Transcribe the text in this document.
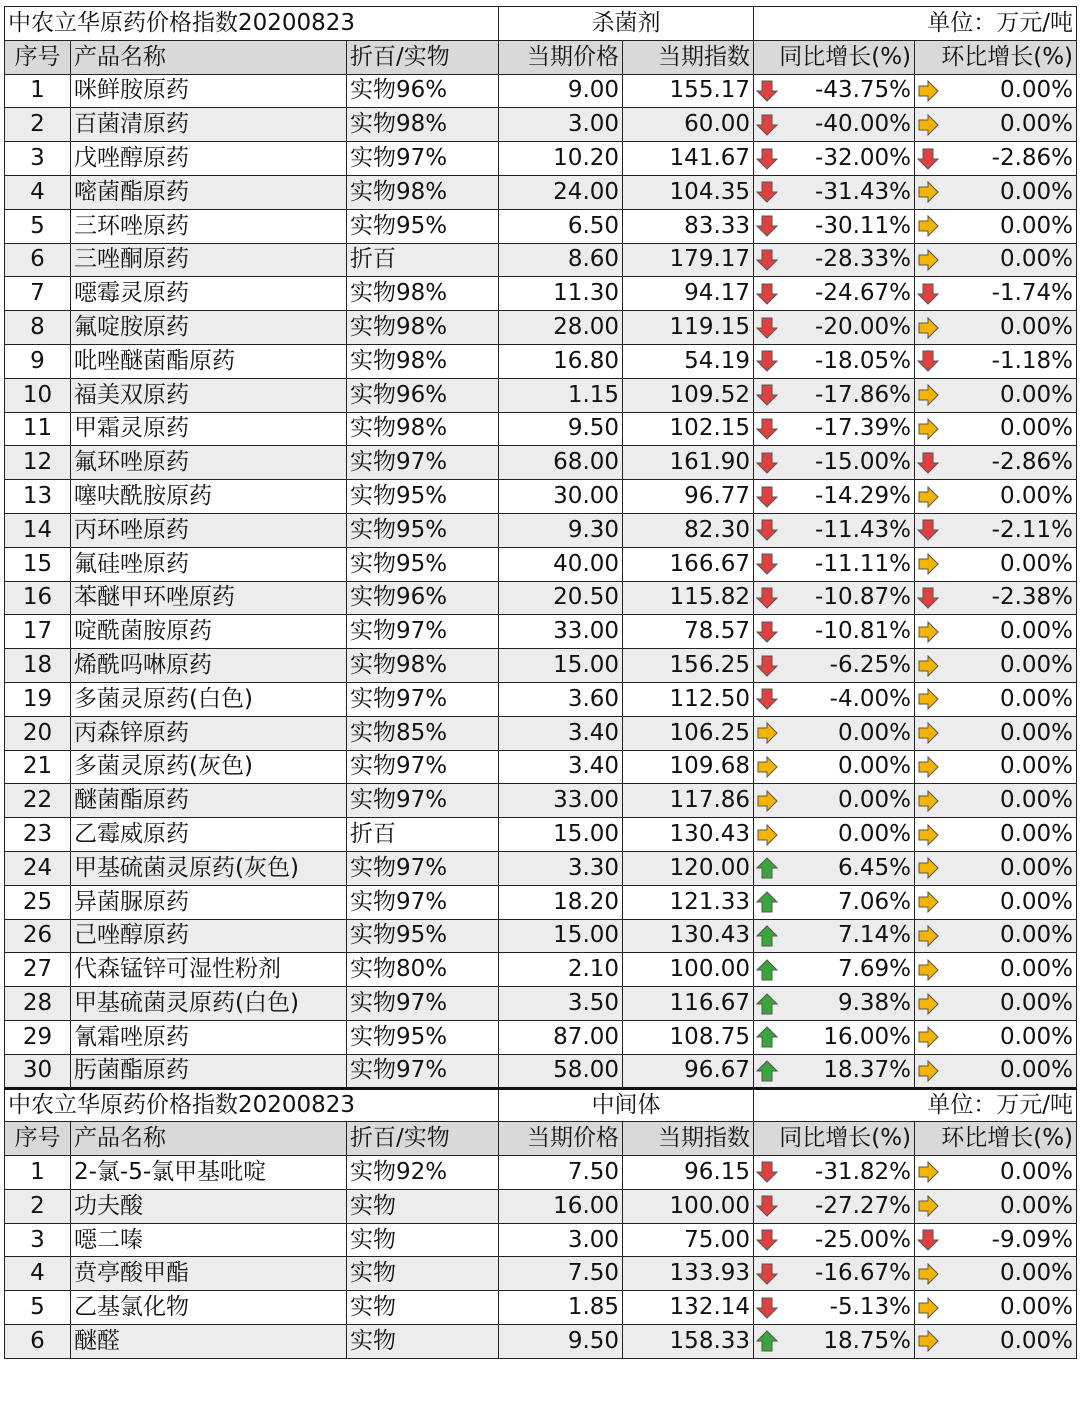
中农立华原药价格指数20200823			杀菌剂		单位：万元/吨	
序号	产品名称	折百/实物	当期价格	当期指数	同比增长(%)	环比增长(%)
1	咪鲜胺原药	实物96%	9.00	155.17	-43.75%	0.00%

2	百菌清原药	实物98%	3.00	60.00	-40.00%	0.00%

3	戊唑醇原药	实物97%	10.20	141.67	-32.00%	-2.86%

4	嘧菌酯原药	实物98%	24.00	104.35	-31.43%	0.00%

5	三环唑原药	实物95%	6.50	83.33	-30.11%	0.00%

6	三唑酮原药	折百	8.60	179.17	-28.33%	0.00%

7	噁霉灵原药	实物98%	11.30	94.17	-24.67%	-1.74%

8	氟啶胺原药	实物98%	28.00	119.15	-20.00%	0.00%

9	吡唑醚菌酯原药	实物98%	16.80	54.19	-18.05%	-1.18%

10	福美双原药	实物96%	1.15	109.52	-17.86%	0.00%

11	甲霜灵原药	实物98%	9.50	102.15	-17.39%	0.00%

12	氟环唑原药	实物97%	68.00	161.90	-15.00%	-2.86%

13	噻呋酰胺原药	实物95%	30.00	96.77	-14.29%	0.00%

14	丙环唑原药	实物95%	9.30	82.30	-11.43%	-2.11%

15	氟硅唑原药	实物95%	40.00	166.67	-11.11%	0.00%

16	苯醚甲环唑原药	实物96%	20.50	115.82	-10.87%	-2.38%

17	啶酰菌胺原药	实物97%	33.00	78.57	-10.81%	0.00%

18	烯酰吗啉原药	实物98%	15.00	156.25	-6.25%	0.00%

19	多菌灵原药(白色)	实物97%	3.60	112.50	-4.00%	0.00%

20	丙森锌原药	实物85%	3.40	106.25	0.00%	0.00%

21	多菌灵原药(灰色)	实物97%	3.40	109.68	0.00%	0.00%

22	醚菌酯原药	实物97%	33.00	117.86	0.00%	0.00%

23	乙霉威原药	折百	15.00	130.43	0.00%	0.00%

24	甲基硫菌灵原药(灰色)	实物97%	3.30	120.00	6.45%	0.00%

25	异菌脲原药	实物97%	18.20	121.33	7.06%	0.00%

26	己唑醇原药	实物95%	15.00	130.43	7.14%	0.00%

27	代森锰锌可湿性粉剂	实物80%	2.10	100.00	7.69%	0.00%

28	甲基硫菌灵原药(白色)	实物97%	3.50	116.67	9.38%	0.00%

29	氰霜唑原药	实物95%	87.00	108.75	16.00%	0.00%

30	肟菌酯原药	实物97%	58.00	96.67	18.37%	0.00%

中农立华原药价格指数20200823			中间体		单位：万元/吨	
序号	产品名称	折百/实物	当期价格	当期指数	同比增长(%)	环比增长(%)
1	2-氯-5-氯甲基吡啶	实物92%	7.50	96.15	-31.82%	0.00%

2	功夫酸	实物	16.00	100.00	-27.27%	0.00%

3	噁二嗪	实物	3.00	75.00	-25.00%	-9.09%

4	贲亭酸甲酯	实物	7.50	133.93	-16.67%	0.00%

5	乙基氯化物	实物	1.85	132.14	-5.13%	0.00%

6	醚醛	实物	9.50	158.33	18.75%	0.00%
